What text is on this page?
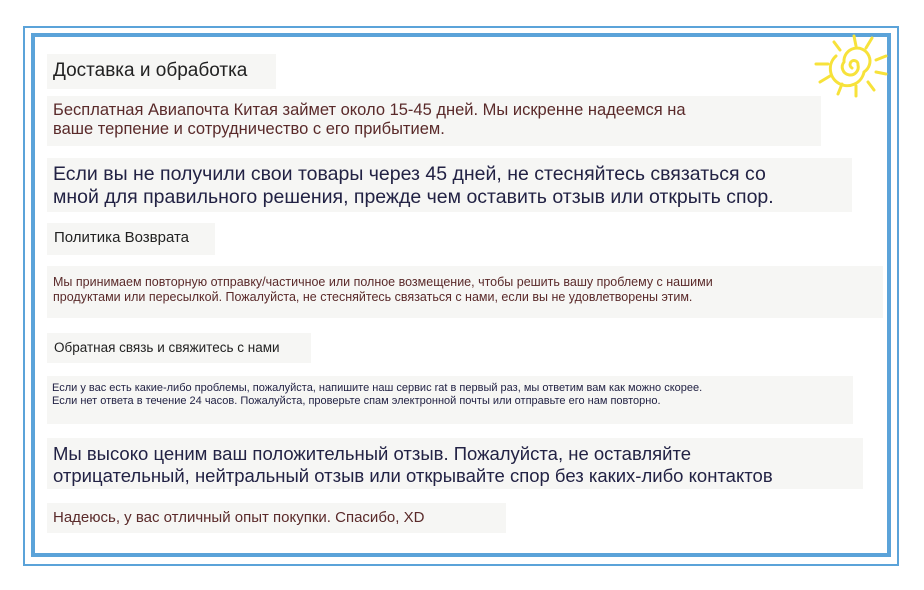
Доставка и обработка
Бесплатная Авиапочта Китая займет около 15-45 дней. Мы искренне надеемся на
ваше терпение и сотрудничество с его прибытием.
Если вы не получили свои товары через 45 дней, не стесняйтесь связаться со
мной для правильного решения, прежде чем оставить отзыв или открыть спор.
Политика Возврата
Мы принимаем повторную отправку/частичное или полное возмещение, чтобы решить вашу проблему с нашими
продуктами или пересылкой. Пожалуйста, не стесняйтесь связаться с нами, если вы не удовлетворены этим.
Обратная связь и свяжитесь с нами
Если у вас есть какие-либо проблемы, пожалуйста, напишите наш сервис rat в первый раз, мы ответим вам как можно скорее.
Если нет ответа в течение 24 часов. Пожалуйста, проверьте спам электронной почты или отправьте его нам повторно.
Мы высоко ценим ваш положительный отзыв. Пожалуйста, не оставляйте
отрицательный, нейтральный отзыв или открывайте спор без каких-либо контактов
Надеюсь, у вас отличный опыт покупки. Спасибо, XD
